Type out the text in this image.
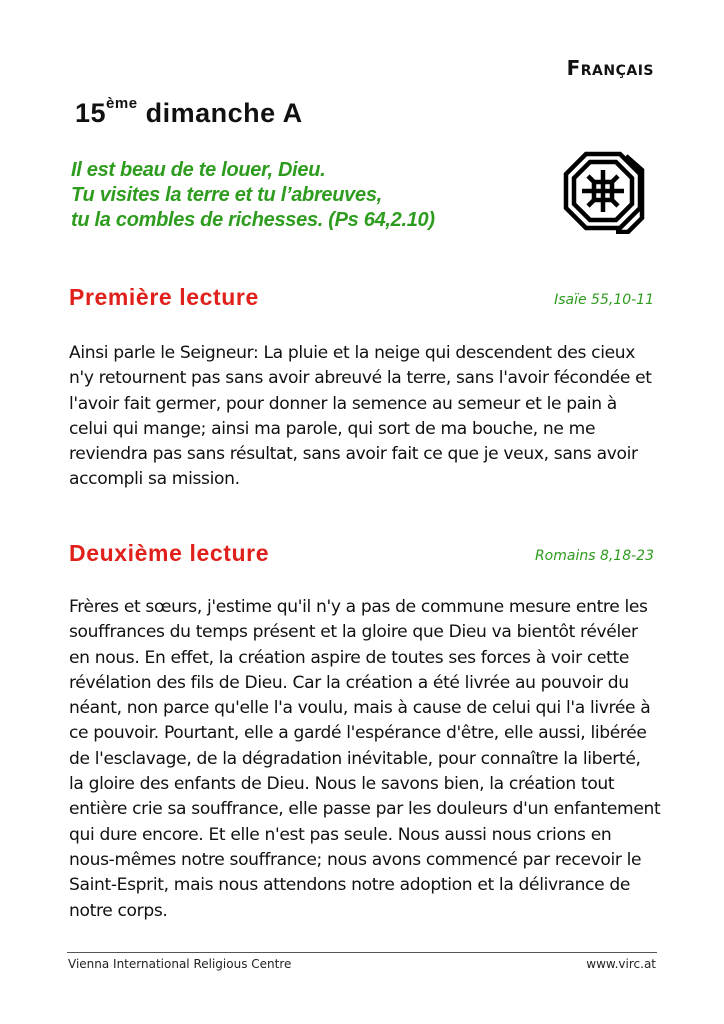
Français
15ème dimanche A
Il est beau de te louer, Dieu.
Tu visites la terre et tu l’abreuves,
tu la combles de richesses. (Ps 64,2.10)
Première lecture	Isaïe 55,10-11
Ainsi parle le Seigneur: La pluie et la neige qui descendent des cieux
n'y retournent pas sans avoir abreuvé la terre, sans l'avoir fécondée et
l'avoir fait germer, pour donner la semence au semeur et le pain à
celui qui mange; ainsi ma parole, qui sort de ma bouche, ne me
reviendra pas sans résultat, sans avoir fait ce que je veux, sans avoir
accompli sa mission.
Deuxième lecture	Romains 8,18-23
Frères et sœurs, j'estime qu'il n'y a pas de commune mesure entre les
souffrances du temps présent et la gloire que Dieu va bientôt révéler
en nous. En effet, la création aspire de toutes ses forces à voir cette
révélation des fils de Dieu. Car la création a été livrée au pouvoir du
néant, non parce qu'elle l'a voulu, mais à cause de celui qui l'a livrée à
ce pouvoir. Pourtant, elle a gardé l'espérance d'être, elle aussi, libérée
de l'esclavage, de la dégradation inévitable, pour connaître la liberté,
la gloire des enfants de Dieu. Nous le savons bien, la création tout
entière crie sa souffrance, elle passe par les douleurs d'un enfantement
qui dure encore. Et elle n'est pas seule. Nous aussi nous crions en
nous-mêmes notre souffrance; nous avons commencé par recevoir le
Saint-Esprit, mais nous attendons notre adoption et la délivrance de
notre corps.
Vienna International Religious Centre	www.virc.at
